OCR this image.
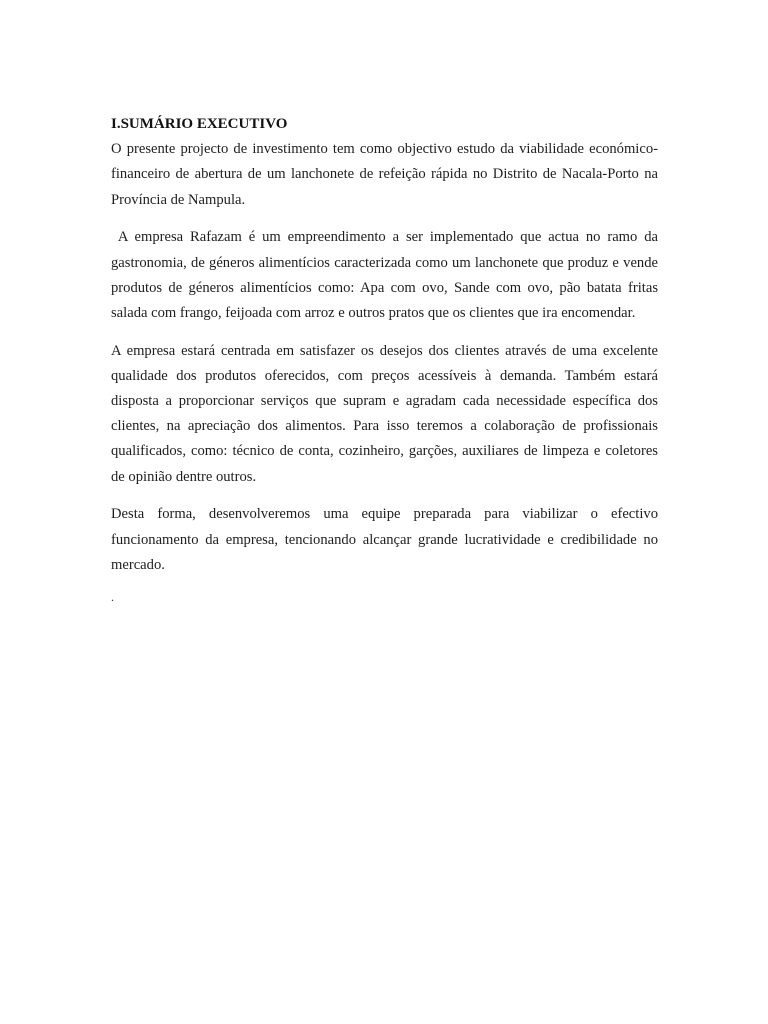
I.SUMÁRIO EXECUTIVO

O presente projecto de investimento tem como objectivo estudo da viabilidade económico-financeiro de abertura de um lanchonete de refeição rápida no Distrito de Nacala-Porto na Província de Nampula.

A empresa Rafazam é um empreendimento a ser implementado que actua no ramo da gastronomia, de géneros alimentícios caracterizada como um lanchonete que produz e vende produtos de géneros alimentícios como: Apa com ovo, Sande com ovo, pão batata fritas salada com frango, feijoada com arroz e outros pratos que os clientes que ira encomendar.

A empresa estará centrada em satisfazer os desejos dos clientes através de uma excelente qualidade dos produtos oferecidos, com preços acessíveis à demanda. Também estará disposta a proporcionar serviços que supram e agradam cada necessidade específica dos clientes, na apreciação dos alimentos. Para isso teremos a colaboração de profissionais qualificados, como: técnico de conta, cozinheiro, garções, auxiliares de limpeza e coletores de opinião dentre outros.

Desta forma, desenvolveremos uma equipe preparada para viabilizar o efectivo funcionamento da empresa, tencionando alcançar grande lucratividade e credibilidade no mercado.

.
